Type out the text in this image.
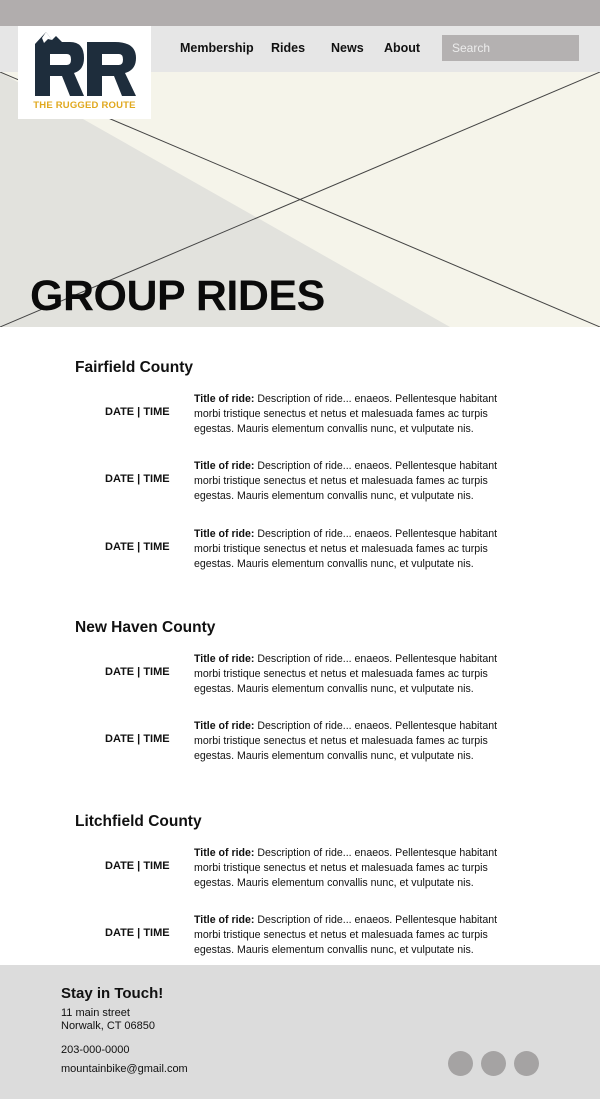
THE RUGGED ROUTE
Membership Rides News About
Search
GROUP RIDES
Fairfield County
DATE | TIME
Title of ride: Description of ride... enaeos. Pellentesque habitant morbi tristique senectus et netus et malesuada fames ac turpis egestas. Mauris elementum convallis nunc, et vulputate nis.
DATE | TIME
Title of ride: Description of ride... enaeos. Pellentesque habitant morbi tristique senectus et netus et malesuada fames ac turpis egestas. Mauris elementum convallis nunc, et vulputate nis.
DATE | TIME
Title of ride: Description of ride... enaeos. Pellentesque habitant morbi tristique senectus et netus et malesuada fames ac turpis egestas. Mauris elementum convallis nunc, et vulputate nis.
New Haven County
DATE | TIME
Title of ride: Description of ride... enaeos. Pellentesque habitant morbi tristique senectus et netus et malesuada fames ac turpis egestas. Mauris elementum convallis nunc, et vulputate nis.
DATE | TIME
Title of ride: Description of ride... enaeos. Pellentesque habitant morbi tristique senectus et netus et malesuada fames ac turpis egestas. Mauris elementum convallis nunc, et vulputate nis.
Litchfield County
DATE | TIME
Title of ride: Description of ride... enaeos. Pellentesque habitant morbi tristique senectus et netus et malesuada fames ac turpis egestas. Mauris elementum convallis nunc, et vulputate nis.
DATE | TIME
Title of ride: Description of ride... enaeos. Pellentesque habitant morbi tristique senectus et netus et malesuada fames ac turpis egestas. Mauris elementum convallis nunc, et vulputate nis.
Stay in Touch!
11 main street
Norwalk, CT 06850
203-000-0000
mountainbike@gmail.com
